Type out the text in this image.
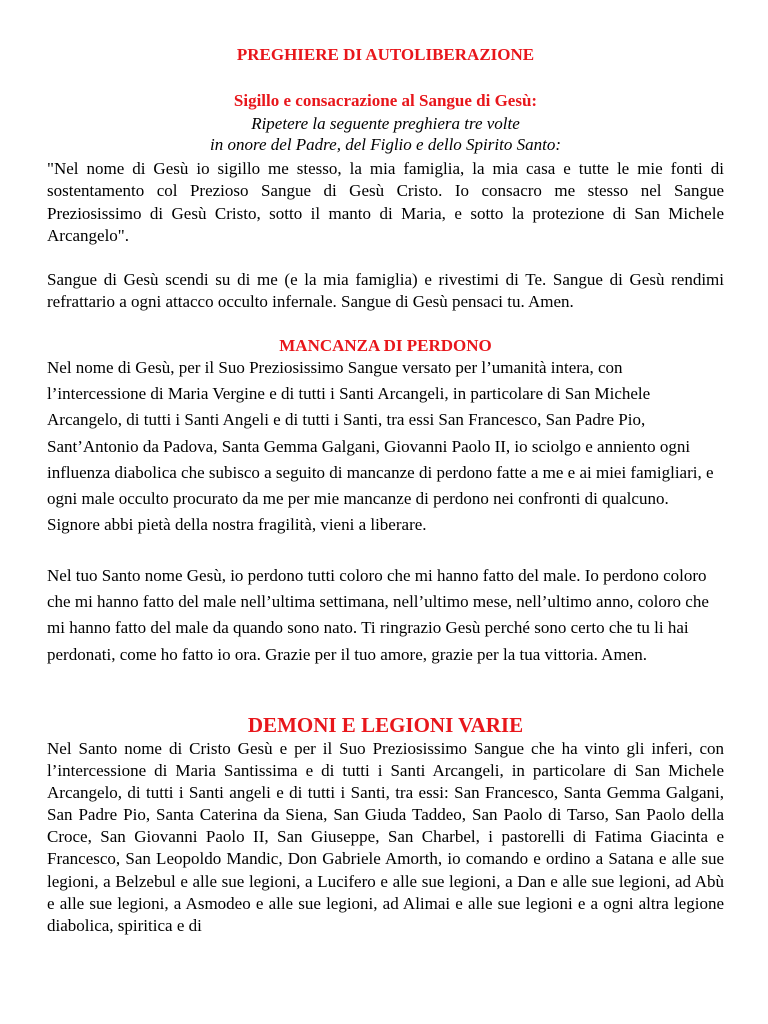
PREGHIERE DI AUTOLIBERAZIONE
Sigillo e consacrazione al Sangue di Gesù:
Ripetere la seguente preghiera tre volte
in onore del Padre, del Figlio e dello Spirito Santo:
"Nel nome di Gesù io sigillo me stesso, la mia famiglia, la mia casa e tutte le mie fonti di sostentamento col Prezioso Sangue di Gesù Cristo. Io consacro me stesso nel Sangue Preziosissimo di Gesù Cristo, sotto il manto di Maria, e sotto la protezione di San Michele Arcangelo".
Sangue di Gesù scendi su di me (e la mia famiglia) e rivestimi di Te. Sangue di Gesù rendimi refrattario a ogni attacco occulto infernale. Sangue di Gesù pensaci tu. Amen.
MANCANZA DI PERDONO
Nel nome di Gesù, per il Suo Preziosissimo Sangue versato per l’umanità intera, con l’intercessione di Maria Vergine e di tutti i Santi Arcangeli, in particolare di San Michele Arcangelo, di tutti i Santi Angeli e di tutti i Santi, tra essi San Francesco, San Padre Pio, Sant’Antonio da Padova, Santa Gemma Galgani, Giovanni Paolo II, io sciolgo e annientо ogni influenza diabolica che subisco a seguito di mancanze di perdono fatte a me e ai miei famigliari, e ogni male occulto procurato da me per mie mancanze di perdono nei confronti di qualcuno. Signore abbi pietà della nostra fragilità, vieni a liberare.
Nel tuo Santo nome Gesù, io perdono tutti coloro che mi hanno fatto del male. Io perdono coloro che mi hanno fatto del male nell’ultima settimana, nell’ultimo mese, nell’ultimo anno, coloro che mi hanno fatto del male da quando sono nato. Ti ringrazio Gesù perché sono certo che tu li hai perdonati, come ho fatto io ora. Grazie per il tuo amore, grazie per la tua vittoria. Amen.
DEMONI E LEGIONI VARIE
Nel Santo nome di Cristo Gesù e per il Suo Preziosissimo Sangue che ha vinto gli inferi, con l’intercessione di Maria Santissima e di tutti i Santi Arcangeli, in particolare di San Michele Arcangelo, di tutti i Santi angeli e di tutti i Santi, tra essi: San Francesco, Santa Gemma Galgani, San Padre Pio, Santa Caterina da Siena, San Giuda Taddeo, San Paolo di Tarso, San Paolo della Croce, San Giovanni Paolo II, San Giuseppe, San Charbel, i pastorelli di Fatima Giacinta e Francesco, San Leopoldo Mandic, Don Gabriele Amorth, io comando e ordino a Satana e alle sue legioni, a Belzebul e alle sue legioni, a Lucifero e alle sue legioni, a Dan e alle sue legioni, ad Abù e alle sue legioni, a Asmodeo e alle sue legioni, ad Alimai e alle sue legioni e a ogni altra legione diabolica, spiritica e di
